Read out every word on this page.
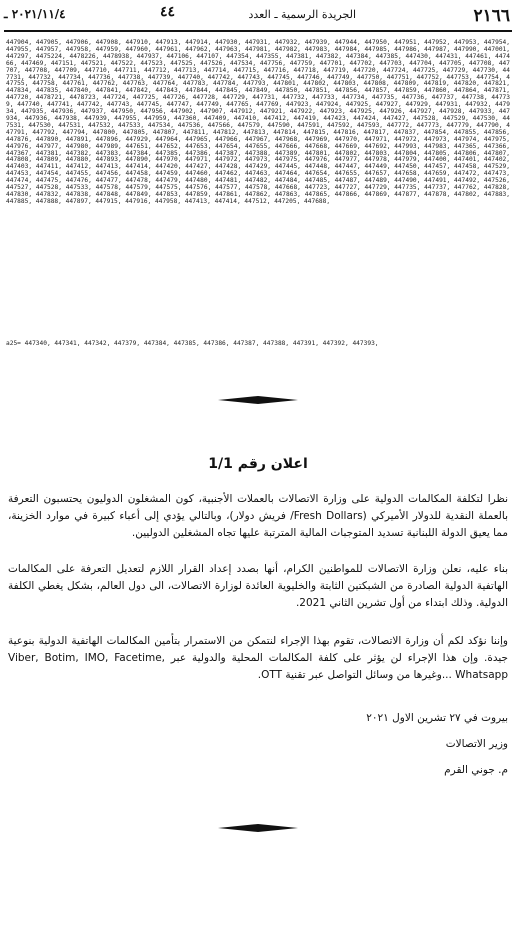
٢١٦٦
الجريدة الرسمية ـ العدد
٤٤
٢٠٢١/١١/٤ ـ
447904, 447905, 447906, 447908, 447910, 447913, 447914, 447930, 447931, 447932, 447939, 447944, 447950, 447951, 447952, 447953, 447954, 447955, 447957, 447958, 447959, 447960, 447961, 447962, 447963, 447981, 447982, 447983, 447984, 447985, 447986, 447987, 447990, 447001, 447297, 4475224, 4478226, 4478938, 447937, 447106, 447107, 447354, 447355, 447381, 447382, 447384, 447385, 447430, 447431, 447461, 447466, 447469, 447151, 447521, 447522, 447523, 447525, 447526, 447534, 447756, 447759, 447701, 447702, 447703, 447704, 447705, 447708, 447707, 447708, 447709, 447710, 447711, 447712, 447713, 447714, 447715, 447716, 447718, 447719, 447720, 447724, 447725, 447729, 447730, 447731, 447732, 447734, 447736, 447738, 447739, 447740, 447742, 447743, 447745, 447746, 447749, 447750, 447751, 447752, 447753, 447754, 447755, 447758, 447761, 447762, 447763, 447764, 447783, 447784, 447793, 447801, 447802, 447803, 447808, 447809, 447819, 447820, 447821, 447834, 447835, 447840, 447841, 447842, 447843, 447844, 447845, 447849, 447850, 447851, 447856, 447857, 447859, 447860, 447864, 447871, 447720, 4478721, 4478723, 447724, 447725, 447726, 447728, 447729, 447731, 447732, 447733, 447734, 447735, 447736, 447737, 447738, 447739, 447740, 447741, 447742, 447743, 447745, 447747, 447749, 447765, 447769, 447923, 447924, 447925, 447927, 447929, 447931, 447932, 447934, 447935, 447936, 447937, 447950, 447956, 447902, 447907, 447912, 447921, 447922, 447923, 447925, 447926, 447927, 447928, 447933, 447934, 447936, 447938, 447939, 447955, 447959, 447360, 447409, 447410, 447412, 447419, 447423, 447424, 447427, 447528, 447529, 447530, 447531, 447530, 447531, 447532, 447533, 447534, 447536, 447566, 447579, 447590, 447591, 447592, 447593, 447772, 447773, 447779, 447790, 447791, 447792, 447794, 447800, 447805, 447807, 447811, 447812, 447813, 447814, 447815, 447816, 447817, 447837, 447854, 447855, 447856, 447876, 447890, 447891, 447896, 447929, 447964, 447965, 447966, 447967, 447968, 447969, 447970, 447971, 447972, 447973, 447974, 447975, 447976, 447977, 447980, 447989, 447651, 447652, 447653, 447654, 447655, 447666, 447668, 447669, 447692, 447993, 447983, 447365, 447366, 447367, 447381, 447382, 447383, 447384, 447385, 447386, 447387, 447388, 447389, 447801, 447802, 447803, 447804, 447805, 447806, 447807, 447808, 447809, 447880, 447893, 447890, 447970, 447971, 447972, 447973, 447975, 447976, 447977, 447978, 447979, 447400, 447401, 447402, 447403, 447411, 447412, 447413, 447414, 447420, 447427, 447428, 447429, 447445, 447448, 447447, 447449, 447450, 447457, 447458, 447529, 447453, 447454, 447455, 447456, 447458, 447459, 447460, 447462, 447463, 447464, 447654, 447655, 447657, 447658, 447659, 447472, 447473, 447474, 447475, 447476, 447477, 447478, 447479, 447480, 447481, 447482, 447484, 447485, 447487, 447489, 447490, 447491, 447492, 447526, 447527, 447528, 447533, 447578, 447579, 447575, 447576, 447577, 447578, 447668, 447723, 447727, 447729, 447735, 447737, 447762, 447828, 447830, 447832, 447838, 447848, 447849, 447853, 447859, 447861, 447862, 447863, 447865, 447866, 447869, 447877, 447878, 447802, 447883, 447885, 447888, 447897, 447915, 447916, 447958, 447413, 447414, 447512, 447205, 447688,
a25= 447340, 447341, 447342, 447379, 447384, 447385, 447386, 447387, 447388, 447391, 447392, 447393,
اعلان رقم 1/1
نظرا لتكلفة المكالمات الدولية على وزارة الاتصالات بالعملات الأجنبية، كون المشغلون الدوليون يحتسبون التعرفة بالعملة النقدية للدولار الأميركي (Fresh Dollars/ فريش دولار)، وبالتالي يؤدي إلى أعباء كبيرة في موارد الخزينة، مما يعيق الدولة اللبنانية تسديد المتوجبات المالية المترتبة عليها تجاه المشغلين الدوليين.
بناء عليه، نعلن وزارة الاتصالات للمواطنين الكرام، أنها بصدد إعداد القرار اللازم لتعديل التعرفة على المكالمات الهاتفية الدولية الصادرة من الشبكتين الثابتة والخليوية العائدة لوزارة الاتصالات، الى دول العالم، بشكل يغطي الكلفة الدولية. وذلك ابتداء من أول تشرين الثاني 2021.
وإننا نؤكد لكم أن وزارة الاتصالات، تقوم بهذا الإجراء لنتمكن من الاستمرار بتأمين المكالمات الهاتفية الدولية بنوعية جيدة. وإن هذا الإجراء لن يؤثر على كلفة المكالمات المحلية والدولية عبر Viber, Botim, IMO, Facetime, Whatsapp ...وغيرها من وسائل التواصل عبر تقنية OTT.
بيروت في ٢٧ تشرين الاول ٢٠٢١
وزير الاتصالات
م. جوني القرم
